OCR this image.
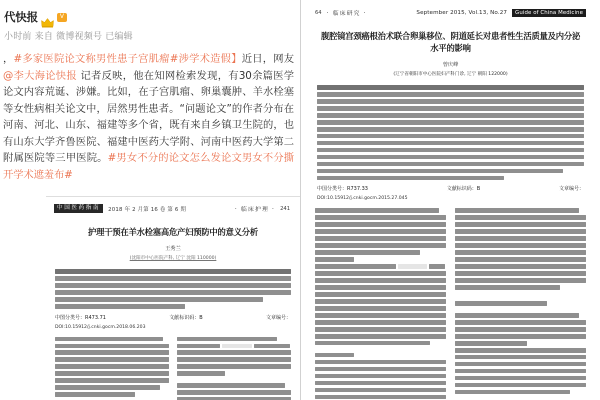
代快报	V
小时前 来自 微博视频号 已编辑
，#多家医院论文称男性患子宫肌瘤#涉学术造假】近日，网友 @李大海论快报 记者反映，他在知网检索发现，有30余篇医学论文内容荒诞、涉嫌。比如，在子宫肌瘤、卵巢囊肿、羊水栓塞等女性病相关论文中，居然男性患者。“问题论文”的作者分布在河南、河北、山东、福建等多个省，既有来自乡镇卫生院的，也有山东大学齐鲁医院、福建中医药大学附、河南中医药大学第二附属医院等三甲医院。#男女不分的论文怎么发论文男女不分撕开学术遮羞布#
中国医药指南	2018 年 2 月第 16 卷 第 6 期	· 临床护理 · 241
护理干预在羊水栓塞高危产妇预防中的意义分析
王秀兰
(沈阳市中心医院产科, 辽宁 沈阳 110000)
中图分类号：R473.71	文献标识码：B	文章编号：
DOI:10.15912/j.cnki.gocm.2018.06.203
64 · 临床研究 ·	September 2015, Vol.13, No.27	Guide of China Medicine
腹腔镜宫颈癌根治术联合卵巢移位、阴道延长对患者性生活质量及内分泌水平的影响
曾庆峰
(辽宁省朝阳市中心医院妇产科门诊, 辽宁 朝阳 122000)
中国分类号：R737.33	文献标识码：B	文章编号：
DOI:10.15912/j.cnki.gocm.2015.27.045
